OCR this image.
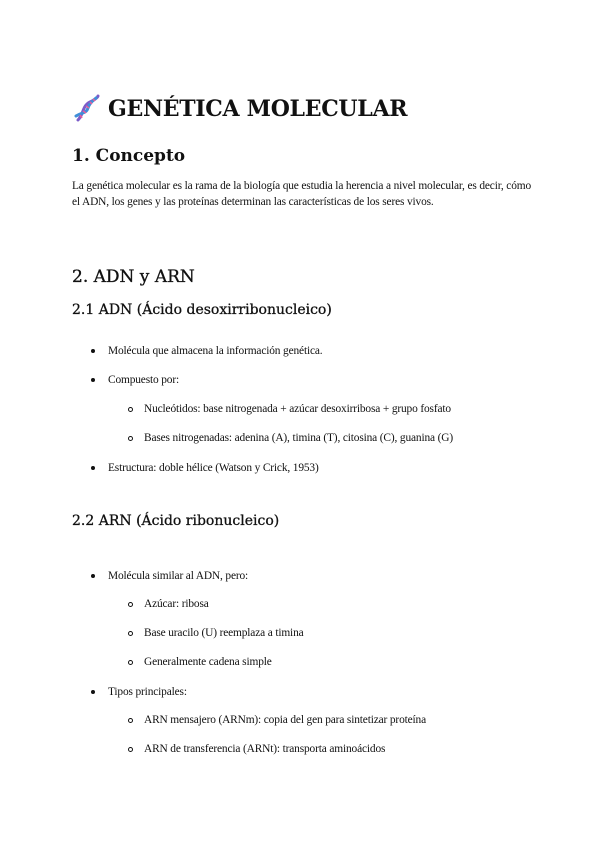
GENÉTICA MOLECULAR
1. Concepto

La genética molecular es la rama de la biología que estudia la herencia a nivel molecular, es decir, cómo el ADN, los genes y las proteínas determinan las características de los seres vivos.

2. ADN y ARN
2.1 ADN (Ácido desoxirribonucleico)

Molécula que almacena la información genética.

Compuesto por:

Nucleótidos: base nitrogenada + azúcar desoxirribosa + grupo fosfato

Bases nitrogenadas: adenina (A), timina (T), citosina (C), guanina (G)

Estructura: doble hélice (Watson y Crick, 1953)

2.2 ARN (Ácido ribonucleico)

Molécula similar al ADN, pero:

Azúcar: ribosa

Base uracilo (U) reemplaza a timina

Generalmente cadena simple

Tipos principales:

ARN mensajero (ARNm): copia del gen para sintetizar proteína

ARN de transferencia (ARNt): transporta aminoácidos
